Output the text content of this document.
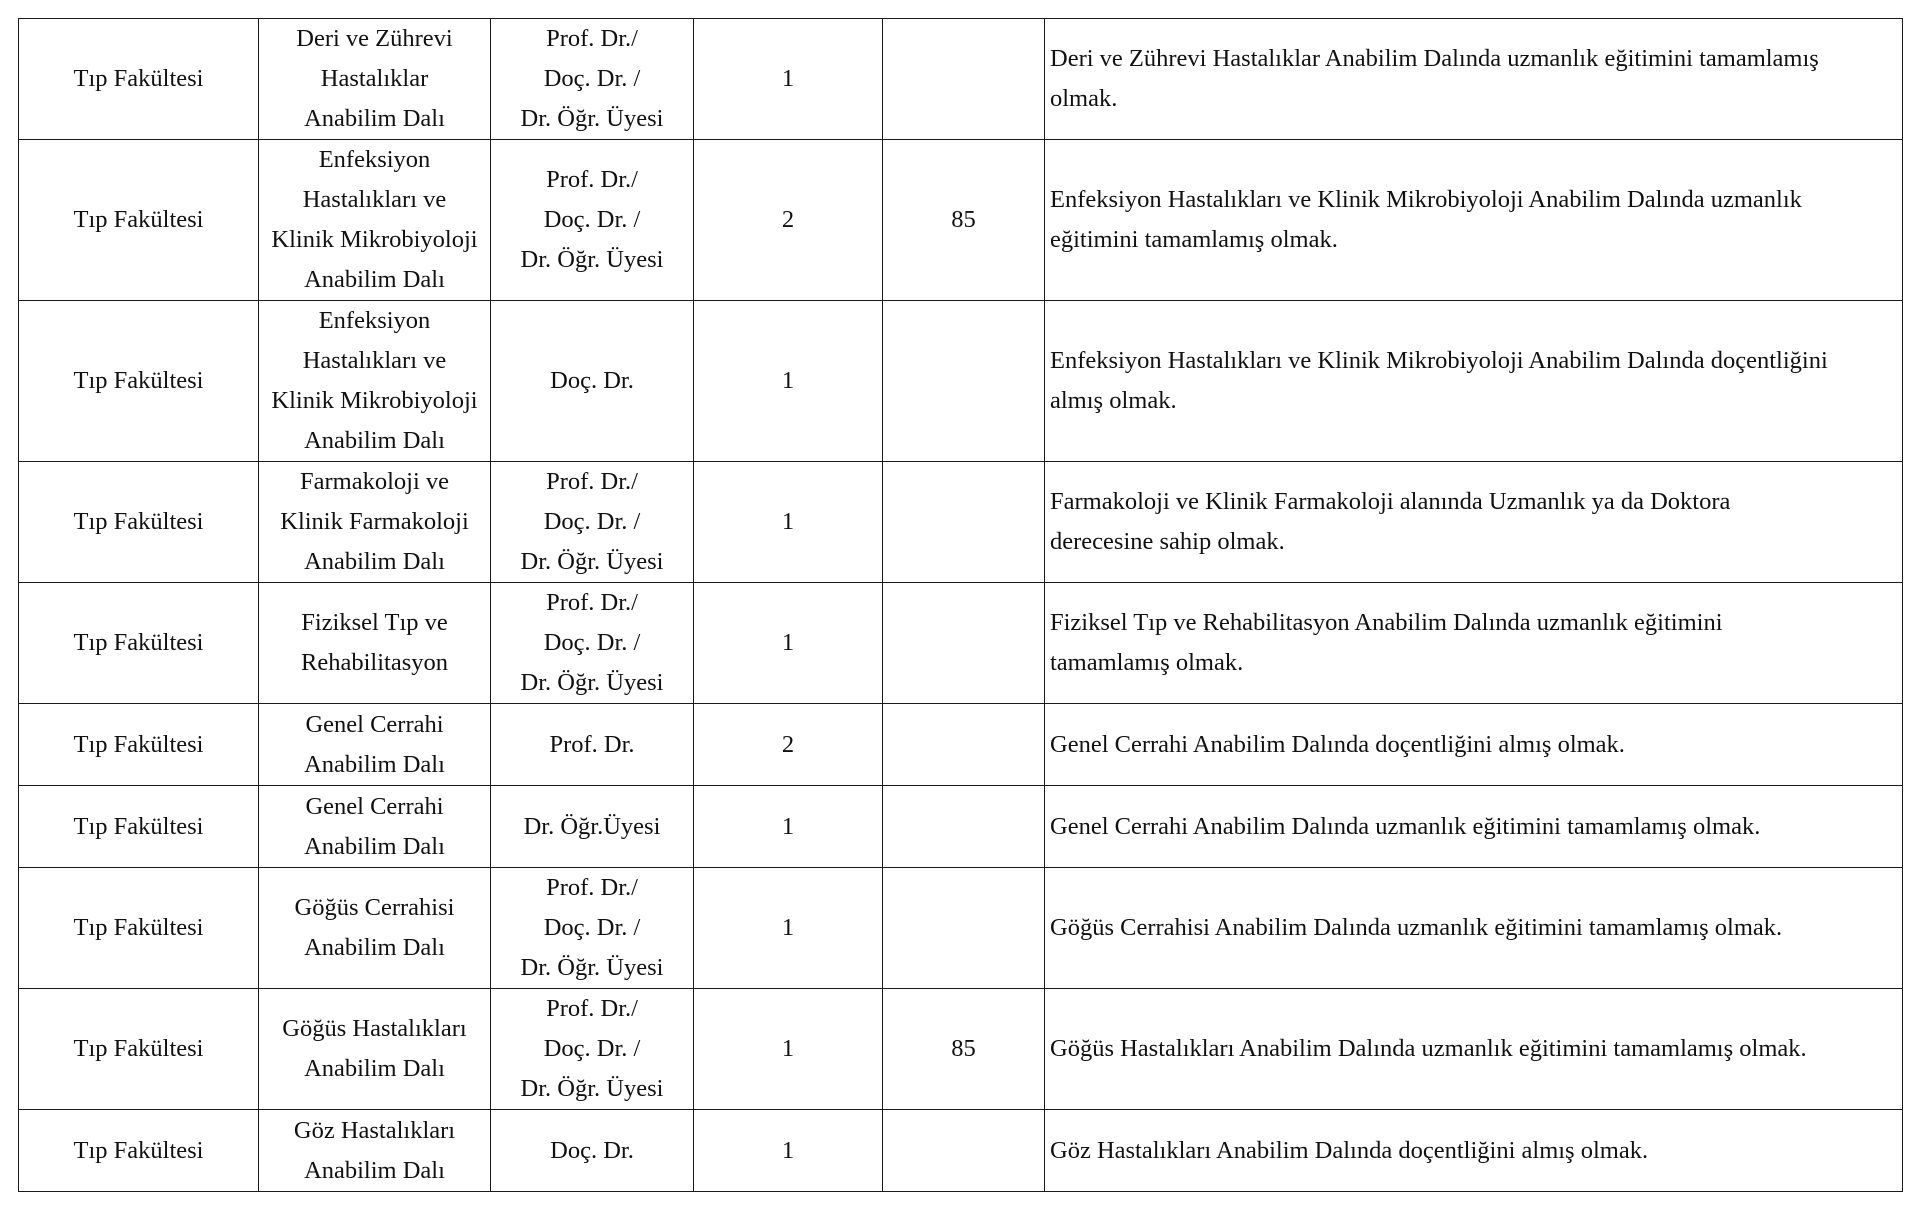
Tıp Fakültesi	Deri ve Zührevi
Hastalıklar
Anabilim Dalı	Prof. Dr./
Doç. Dr. /
Dr. Öğr. Üyesi	1		Deri ve Zührevi Hastalıklar Anabilim Dalında uzmanlık eğitimini tamamlamış
olmak.

Tıp Fakültesi	Enfeksiyon
Hastalıkları ve
Klinik Mikrobiyoloji
Anabilim Dalı	Prof. Dr./
Doç. Dr. /
Dr. Öğr. Üyesi	2	85	Enfeksiyon Hastalıkları ve Klinik Mikrobiyoloji Anabilim Dalında uzmanlık
eğitimini tamamlamış olmak.

Tıp Fakültesi	Enfeksiyon
Hastalıkları ve
Klinik Mikrobiyoloji
Anabilim Dalı	Doç. Dr.	1		Enfeksiyon Hastalıkları ve Klinik Mikrobiyoloji Anabilim Dalında doçentliğini
almış olmak.

Tıp Fakültesi	Farmakoloji ve
Klinik Farmakoloji
Anabilim Dalı	Prof. Dr./
Doç. Dr. /
Dr. Öğr. Üyesi	1		Farmakoloji ve Klinik Farmakoloji alanında Uzmanlık ya da Doktora
derecesine sahip olmak.

Tıp Fakültesi	Fiziksel Tıp ve
Rehabilitasyon	Prof. Dr./
Doç. Dr. /
Dr. Öğr. Üyesi	1		Fiziksel Tıp ve Rehabilitasyon Anabilim Dalında uzmanlık eğitimini
tamamlamış olmak.

Tıp Fakültesi	Genel Cerrahi
Anabilim Dalı	Prof. Dr.	2		Genel Cerrahi Anabilim Dalında doçentliğini almış olmak.

Tıp Fakültesi	Genel Cerrahi
Anabilim Dalı	Dr. Öğr.Üyesi	1		Genel Cerrahi Anabilim Dalında uzmanlık eğitimini tamamlamış olmak.

Tıp Fakültesi	Göğüs Cerrahisi
Anabilim Dalı	Prof. Dr./
Doç. Dr. /
Dr. Öğr. Üyesi	1		Göğüs Cerrahisi Anabilim Dalında uzmanlık eğitimini tamamlamış olmak.

Tıp Fakültesi	Göğüs Hastalıkları
Anabilim Dalı	Prof. Dr./
Doç. Dr. /
Dr. Öğr. Üyesi	1	85	Göğüs Hastalıkları Anabilim Dalında uzmanlık eğitimini tamamlamış olmak.

Tıp Fakültesi	Göz Hastalıkları
Anabilim Dalı	Doç. Dr.	1		Göz Hastalıkları Anabilim Dalında doçentliğini almış olmak.
